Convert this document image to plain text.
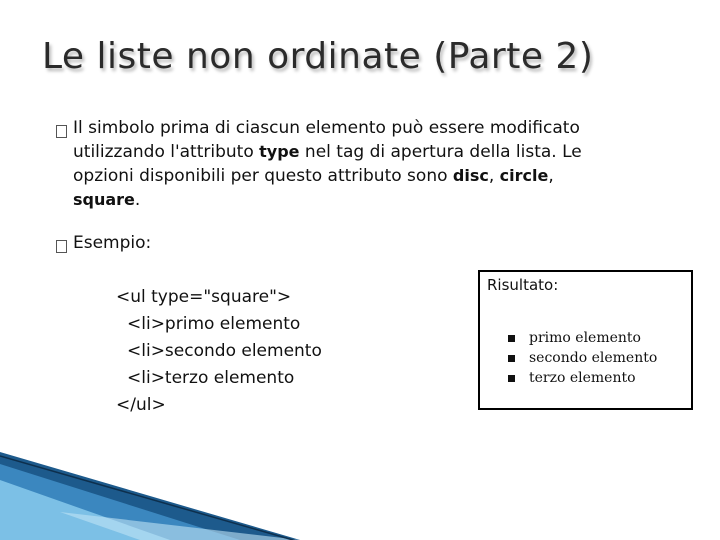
Le liste non ordinate (Parte 2)
Il simbolo prima di ciascun elemento può essere modificato
utilizzando l'attributo type nel tag di apertura della lista. Le
opzioni disponibili per questo attributo sono disc, circle,
square.
Esempio:
<ul type="square">
<li>primo elemento
<li>secondo elemento
<li>terzo elemento
</ul>
Risultato:
primo elemento
secondo elemento
terzo elemento
